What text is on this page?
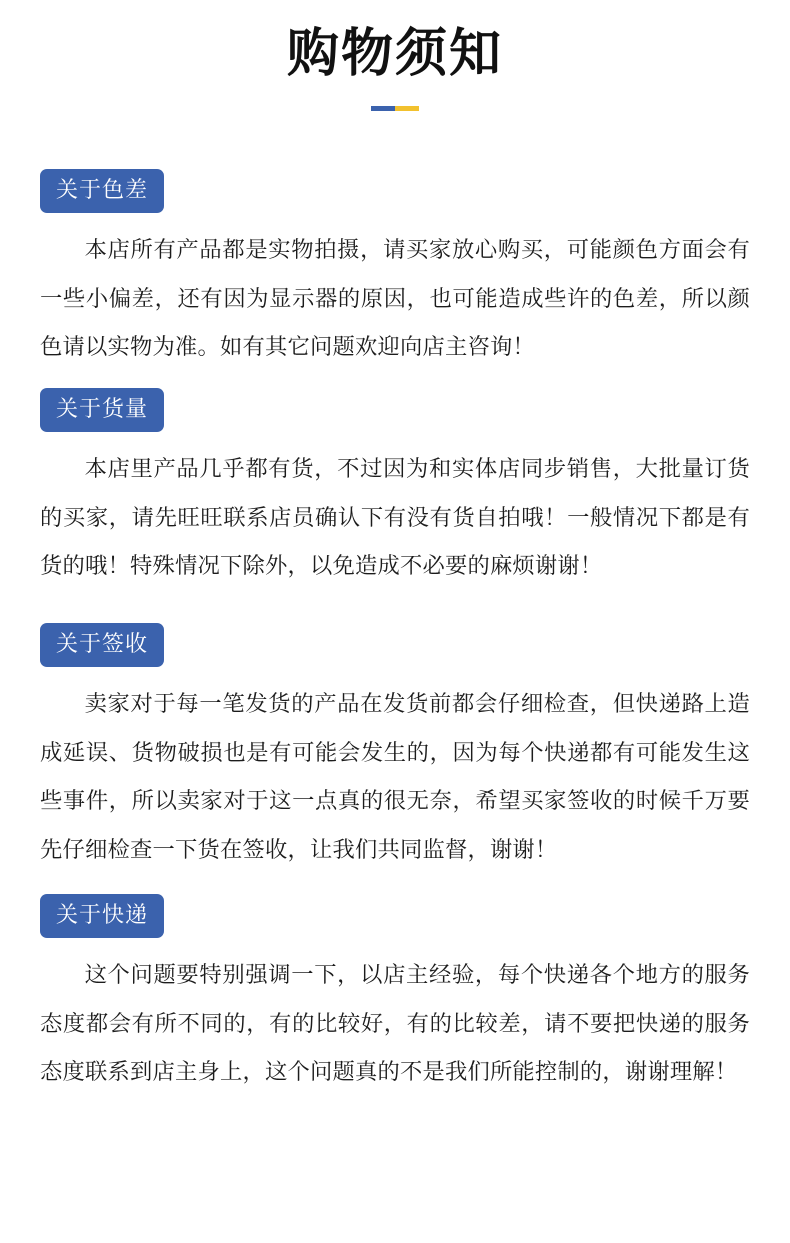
购物须知
关于色差

本店所有产品都是实物拍摄，请买家放心购买，可能颜色方面会有一些小偏差，还有因为显示器的原因，也可能造成些许的色差，所以颜色请以实物为准。如有其它问题欢迎向店主咨询！

关于货量

本店里产品几乎都有货，不过因为和实体店同步销售，大批量订货的买家，请先旺旺联系店员确认下有没有货自拍哦！一般情况下都是有货的哦！特殊情况下除外，以免造成不必要的麻烦谢谢！

关于签收

卖家对于每一笔发货的产品在发货前都会仔细检查，但快递路上造成延误、货物破损也是有可能会发生的，因为每个快递都有可能发生这些事件，所以卖家对于这一点真的很无奈，希望买家签收的时候千万要先仔细检查一下货在签收，让我们共同监督，谢谢！

关于快递

这个问题要特别强调一下，以店主经验，每个快递各个地方的服务态度都会有所不同的，有的比较好，有的比较差，请不要把快递的服务态度联系到店主身上，这个问题真的不是我们所能控制的，谢谢理解！
